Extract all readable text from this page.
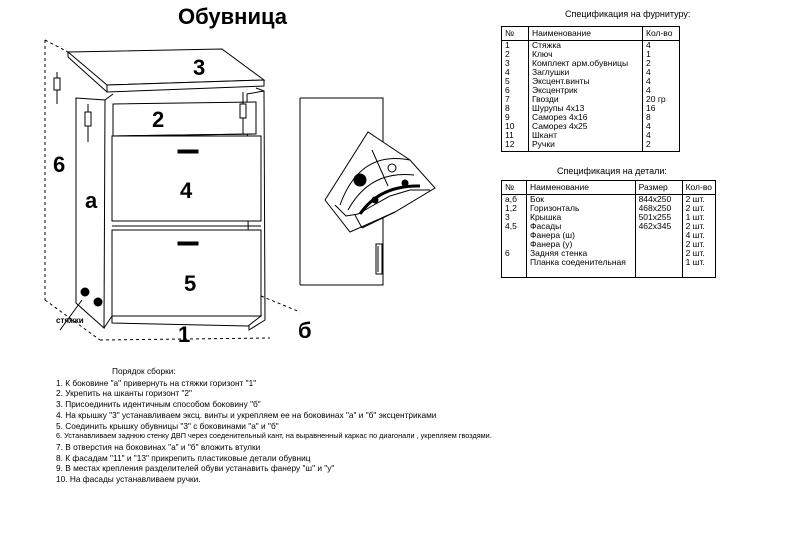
Обувница
3
2
4
5
1
6
а
б
стяжки
Спецификация на фурнитуру:
№	Наименование	Кол-во
1	Стяжка	4
2	Ключ	1
3	Комплект арм.обувницы	2
4	Заглушки	4
5	Эксцент.винты	4
6	Эксцентрик	4
7	Гвозди	20 гр
8	Шурупы 4х13	16
9	Саморез 4х16	8
10	Саморез 4х25	4
11	Шкант	4
12	Ручки	2

Спецификация на детали:
№	Наименование	Размер	Кол-во
а,б	Бок	844х250	2 шт.
1,2	Горизонталь	468х250	2 шт.
3	Крышка	501х255	1 шт.
4,5	Фасады	462х345	2 шт.
	Фанера (ш)		4 шт.
	Фанера (у)		2 шт.
6	Задняя стенка		2 шт.
	Планка соеденительная		1 шт.

Порядок сборки:
1. К боковине "а" привернуть на стяжки горизонт "1"
2. Укрепить на шканты горизонт "2"
3. Присоединить идентичным способом боковину "б"
4. На крышку "3" устанавливаем эксц. винты и укрепляем ее на боковинах "а" и "б" эксцентриками
5. Соединить крышку обувницы "3" с боковинами "а" и "б"
6. Устанавливаем заднюю стенку ДВП через соеденительный кант, на выравненный каркас по диагонали , укрепляем гвоздями.
7. В отверстия на боковинах "а" и "б" вложить втулки
8. К фасадам "11" и "13" прикрепить пластиковые детали обувниц
9. В местах крепления разделителей обуви устанавить фанеру "ш" и "у"
10. На фасады устанавливаем ручки.
